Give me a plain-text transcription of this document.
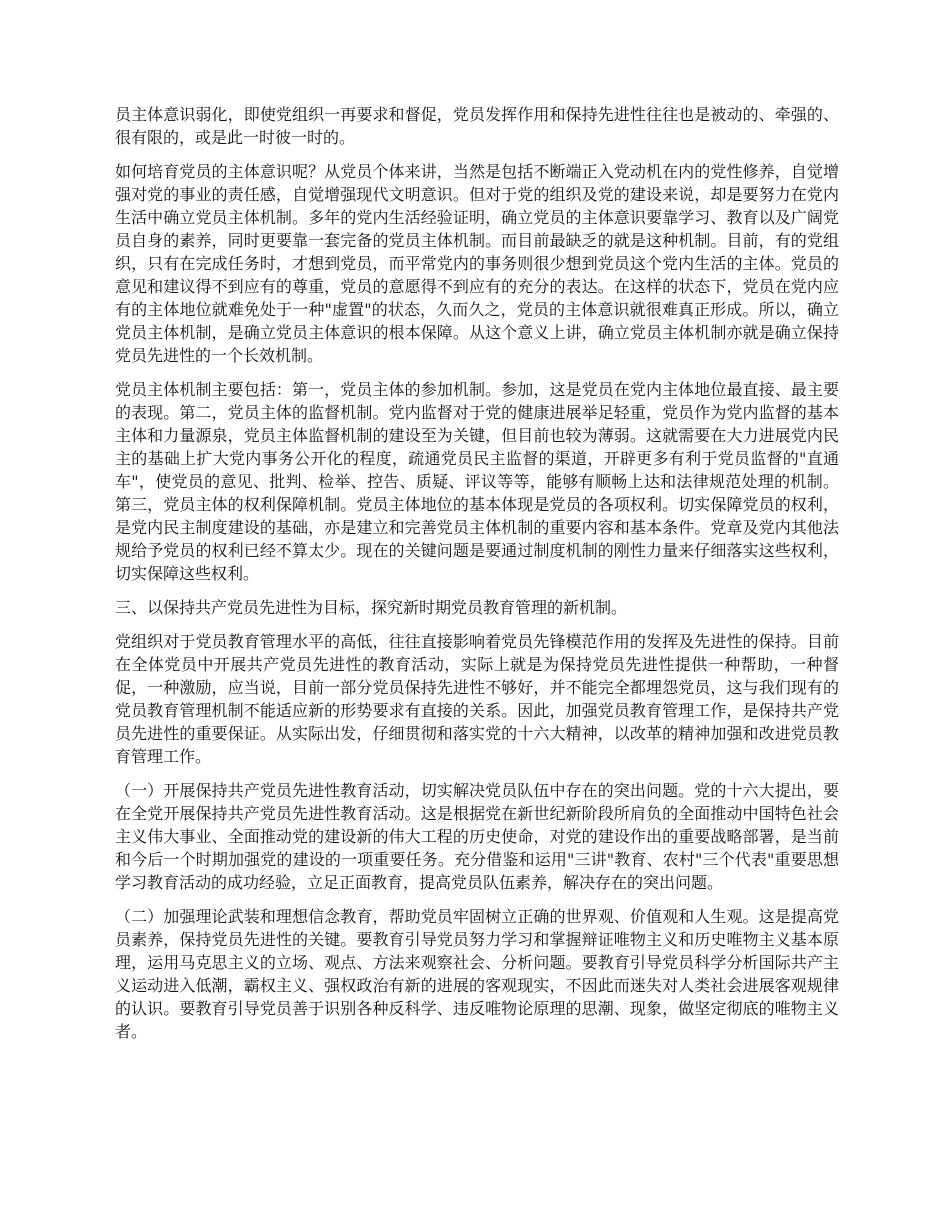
员主体意识弱化，即使党组织一再要求和督促，党员发挥作用和保持先进性往往也是被动的、牵强的、很有限的，或是此一时彼一时的。

如何培育党员的主体意识呢？从党员个体来讲，当然是包括不断端正入党动机在内的党性修养，自觉增强对党的事业的责任感，自觉增强现代文明意识。但对于党的组织及党的建设来说，却是要努力在党内生活中确立党员主体机制。多年的党内生活经验证明，确立党员的主体意识要靠学习、教育以及广阔党员自身的素养，同时更要靠一套完备的党员主体机制。而目前最缺乏的就是这种机制。目前，有的党组织，只有在完成任务时，才想到党员，而平常党内的事务则很少想到党员这个党内生活的主体。党员的意见和建议得不到应有的尊重，党员的意愿得不到应有的充分的表达。在这样的状态下，党员在党内应有的主体地位就难免处于一种"虚置"的状态，久而久之，党员的主体意识就很难真正形成。所以，确立党员主体机制，是确立党员主体意识的根本保障。从这个意义上讲，确立党员主体机制亦就是确立保持党员先进性的一个长效机制。

党员主体机制主要包括：第一，党员主体的参加机制。参加，这是党员在党内主体地位最直接、最主要的表现。第二，党员主体的监督机制。党内监督对于党的健康进展举足轻重，党员作为党内监督的基本主体和力量源泉，党员主体监督机制的建设至为关键，但目前也较为薄弱。这就需要在大力进展党内民主的基础上扩大党内事务公开化的程度，疏通党员民主监督的渠道，开辟更多有利于党员监督的"直通车"，使党员的意见、批判、检举、控告、质疑、评议等等，能够有顺畅上达和法律规范处理的机制。第三，党员主体的权利保障机制。党员主体地位的基本体现是党员的各项权利。切实保障党员的权利，是党内民主制度建设的基础，亦是建立和完善党员主体机制的重要内容和基本条件。党章及党内其他法规给予党员的权利已经不算太少。现在的关键问题是要通过制度机制的刚性力量来仔细落实这些权利，切实保障这些权利。

三、以保持共产党员先进性为目标，探究新时期党员教育管理的新机制。

党组织对于党员教育管理水平的高低，往往直接影响着党员先锋模范作用的发挥及先进性的保持。目前在全体党员中开展共产党员先进性的教育活动，实际上就是为保持党员先进性提供一种帮助，一种督促，一种激励，应当说，目前一部分党员保持先进性不够好，并不能完全都埋怨党员，这与我们现有的党员教育管理机制不能适应新的形势要求有直接的关系。因此，加强党员教育管理工作，是保持共产党员先进性的重要保证。从实际出发，仔细贯彻和落实党的十六大精神，以改革的精神加强和改进党员教育管理工作。

（一）开展保持共产党员先进性教育活动，切实解决党员队伍中存在的突出问题。党的十六大提出，要在全党开展保持共产党员先进性教育活动。这是根据党在新世纪新阶段所肩负的全面推动中国特色社会主义伟大事业、全面推动党的建设新的伟大工程的历史使命，对党的建设作出的重要战略部署，是当前和今后一个时期加强党的建设的一项重要任务。充分借鉴和运用"三讲"教育、农村"三个代表"重要思想学习教育活动的成功经验，立足正面教育，提高党员队伍素养，解决存在的突出问题。

（二）加强理论武装和理想信念教育，帮助党员牢固树立正确的世界观、价值观和人生观。这是提高党员素养，保持党员先进性的关键。要教育引导党员努力学习和掌握辩证唯物主义和历史唯物主义基本原理，运用马克思主义的立场、观点、方法来观察社会、分析问题。要教育引导党员科学分析国际共产主义运动进入低潮，霸权主义、强权政治有新的进展的客观现实，不因此而迷失对人类社会进展客观规律的认识。要教育引导党员善于识别各种反科学、违反唯物论原理的思潮、现象，做坚定彻底的唯物主义者。
